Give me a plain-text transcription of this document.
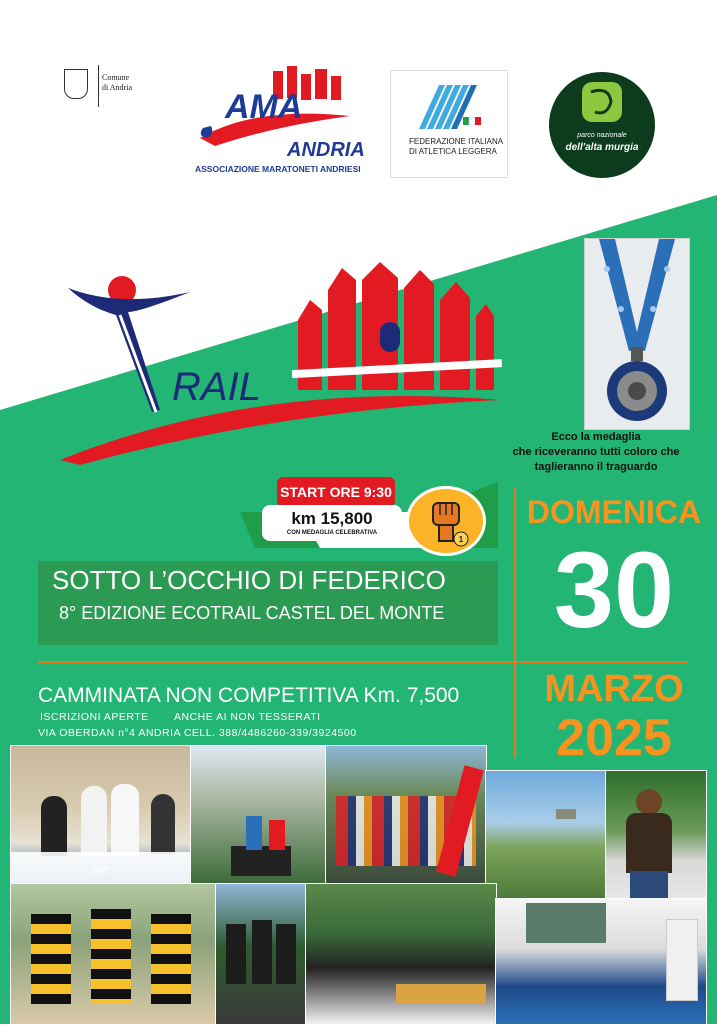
Comune
di Andria
AMA
ANDRIA
ASSOCIAZIONE MARATONETI ANDRIESI
FEDERAZIONE ITALIANA
DI ATLETICA LEGGERA
parco nazionale
dell'alta murgia
RAIL
Ecco la medaglia
che riceveranno tutti coloro che
taglieranno il traguardo
START ORE 9:30
km 15,800
CON MEDAGLIA CELEBRATIVA
1
SOTTO L’OCCHIO DI FEDERICO
8° EDIZIONE ECOTRAIL CASTEL DEL MONTE
DOMENICA
30
MARZO
2025
CAMMINATA NON COMPETITIVA Km. 7,500
ISCRIZIONI APERTE ANCHE AI NON TESSERATI
VIA OBERDAN n°4 ANDRIA CELL. 388/4486260-339/3924500
SOT
